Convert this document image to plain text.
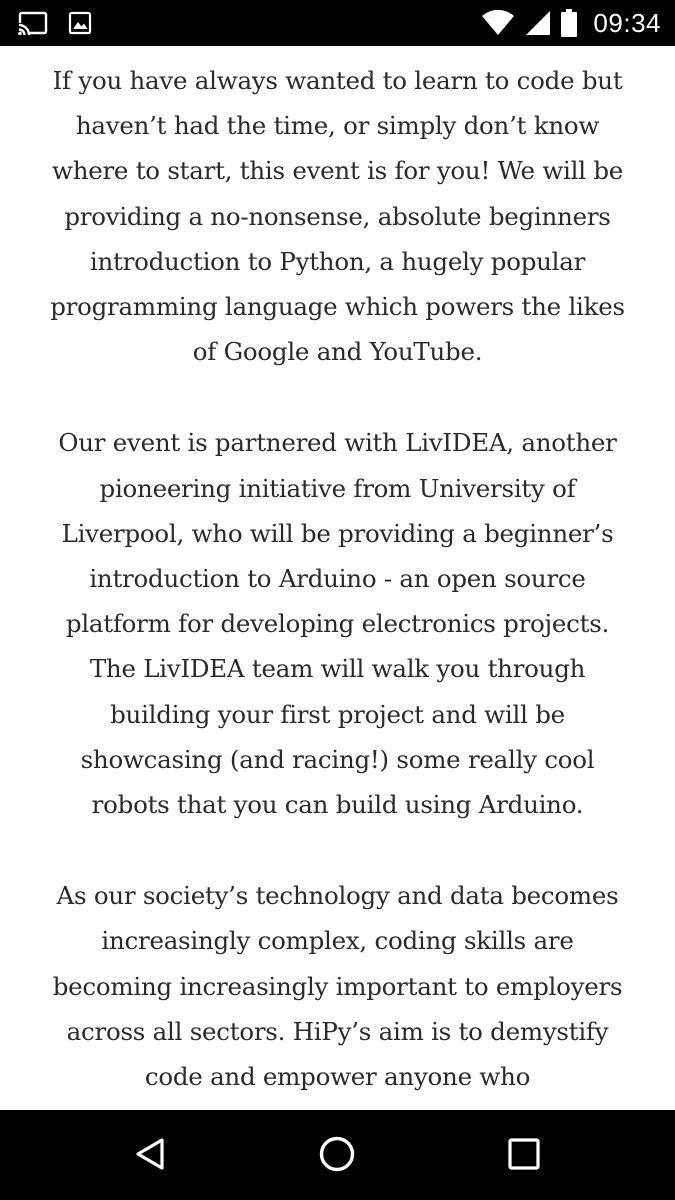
09:34

If you have always wanted to learn to code but haven’t had the time, or simply don’t know where to start, this event is for you! We will be providing a no-nonsense, absolute beginners introduction to Python, a hugely popular programming language which powers the likes of Google and YouTube.

Our event is partnered with LivIDEA, another pioneering initiative from University of Liverpool, who will be providing a beginner’s introduction to Arduino - an open source platform for developing electronics projects. The LivIDEA team will walk you through building your first project and will be showcasing (and racing!) some really cool robots that you can build using Arduino.

As our society’s technology and data becomes increasingly complex, coding skills are becoming increasingly important to employers across all sectors. HiPy’s aim is to demystify code and empower anyone who
